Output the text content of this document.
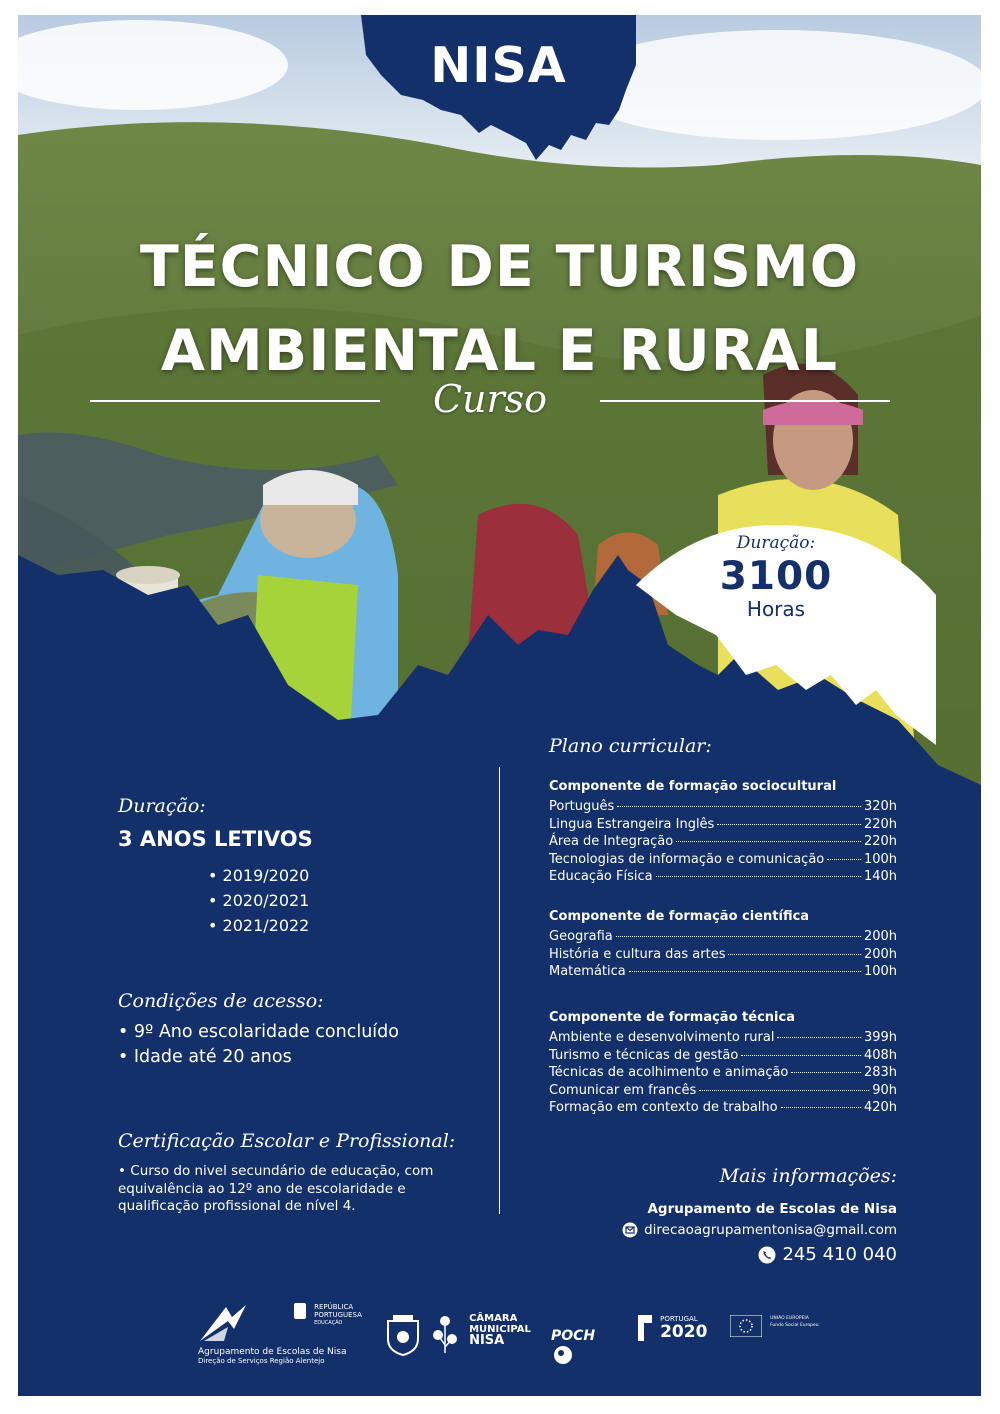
Duração:
3100
Horas
NISA
TÉCNICO DE TURISMO
AMBIENTAL E RURAL
Curso
Duração:
3 ANOS LETIVOS
• 2019/2020
• 2020/2021
• 2021/2022
Condições de acesso:
• 9º Ano escolaridade concluído
• Idade até 20 anos
Certificação Escolar e Profissional:
• Curso do nivel secundário de educação, com equivalência ao 12º ano de escolaridade e qualificação profissional de nível 4.
Plano curricular:
Componente de formação sociocultural
Português	320h
Lingua Estrangeira Inglês	220h
Área de Integração	220h
Tecnologias de informação e comunicação	100h
Educação Física	140h
Componente de formação científica
Geografia	200h
História e cultura das artes	200h
Matemática	100h
Componente de formação técnica
Ambiente e desenvolvimento rural	399h
Turismo e técnicas de gestão	408h
Técnicas de acolhimento e animação	283h
Comunicar em francês	90h
Formação em contexto de trabalho	420h
Mais informações:
Agrupamento de Escolas de Nisa
direcaoagrupamentonisa@gmail.com
245 410 040
Agrupamento de Escolas de Nisa
Direção de Serviços Região Alentejo

REPÚBLICA
PORTUGUESA
EDUCAÇÃO
	CÂMARA
MUNICIPAL
NISA	POCH

PORTUGAL
2020

UNIÃO EUROPEIA
Fundo Social Europeu
